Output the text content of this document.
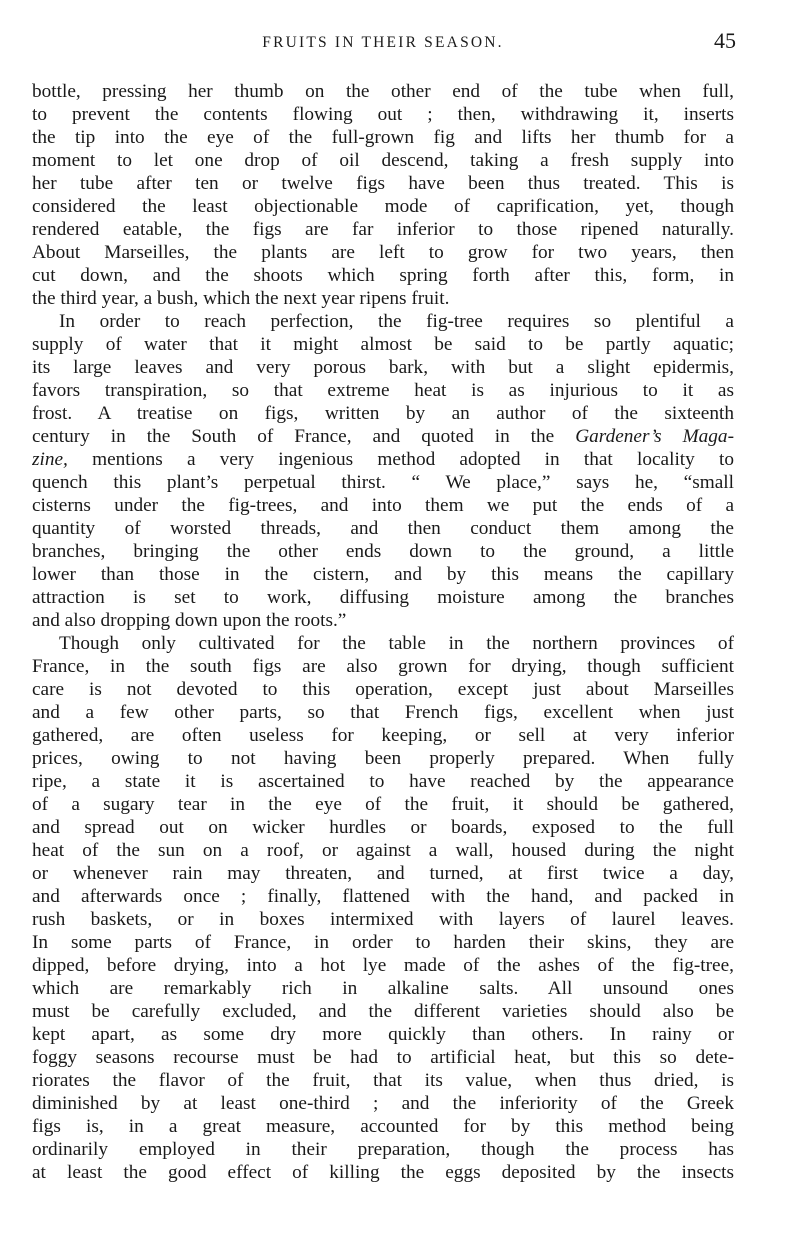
FRUITS IN THEIR SEASON.	45
bottle, pressing her thumb on the other end of the tube when full,
to prevent the contents flowing out ; then, withdrawing it, inserts
the tip into the eye of the full-grown fig and lifts her thumb for a
moment to let one drop of oil descend, taking a fresh supply into
her tube after ten or twelve figs have been thus treated. This is
considered the least objectionable mode of caprification, yet, though
rendered eatable, the figs are far inferior to those ripened naturally.
About Marseilles, the plants are left to grow for two years, then
cut down, and the shoots which spring forth after this, form, in
the third year, a bush, which the next year ripens fruit.
In order to reach perfection, the fig-tree requires so plentiful a
supply of water that it might almost be said to be partly aquatic;
its large leaves and very porous bark, with but a slight epidermis,
favors transpiration, so that extreme heat is as injurious to it as
frost. A treatise on figs, written by an author of the sixteenth
century in the South of France, and quoted in the Gardener’s Maga-
zine, mentions a very ingenious method adopted in that locality to
quench this plant’s perpetual thirst. “ We place,” says he, “small
cisterns under the fig-trees, and into them we put the ends of a
quantity of worsted threads, and then conduct them among the
branches, bringing the other ends down to the ground, a little
lower than those in the cistern, and by this means the capillary
attraction is set to work, diffusing moisture among the branches
and also dropping down upon the roots.”
Though only cultivated for the table in the northern provinces of
France, in the south figs are also grown for drying, though sufficient
care is not devoted to this operation, except just about Marseilles
and a few other parts, so that French figs, excellent when just
gathered, are often useless for keeping, or sell at very inferior
prices, owing to not having been properly prepared. When fully
ripe, a state it is ascertained to have reached by the appearance
of a sugary tear in the eye of the fruit, it should be gathered,
and spread out on wicker hurdles or boards, exposed to the full
heat of the sun on a roof, or against a wall, housed during the night
or whenever rain may threaten, and turned, at first twice a day,
and afterwards once ; finally, flattened with the hand, and packed in
rush baskets, or in boxes intermixed with layers of laurel leaves.
In some parts of France, in order to harden their skins, they are
dipped, before drying, into a hot lye made of the ashes of the fig-tree,
which are remarkably rich in alkaline salts. All unsound ones
must be carefully excluded, and the different varieties should also be
kept apart, as some dry more quickly than others. In rainy or
foggy seasons recourse must be had to artificial heat, but this so dete-
riorates the flavor of the fruit, that its value, when thus dried, is
diminished by at least one-third ; and the inferiority of the Greek
figs is, in a great measure, accounted for by this method being
ordinarily employed in their preparation, though the process has
at least the good effect of killing the eggs deposited by the insects
